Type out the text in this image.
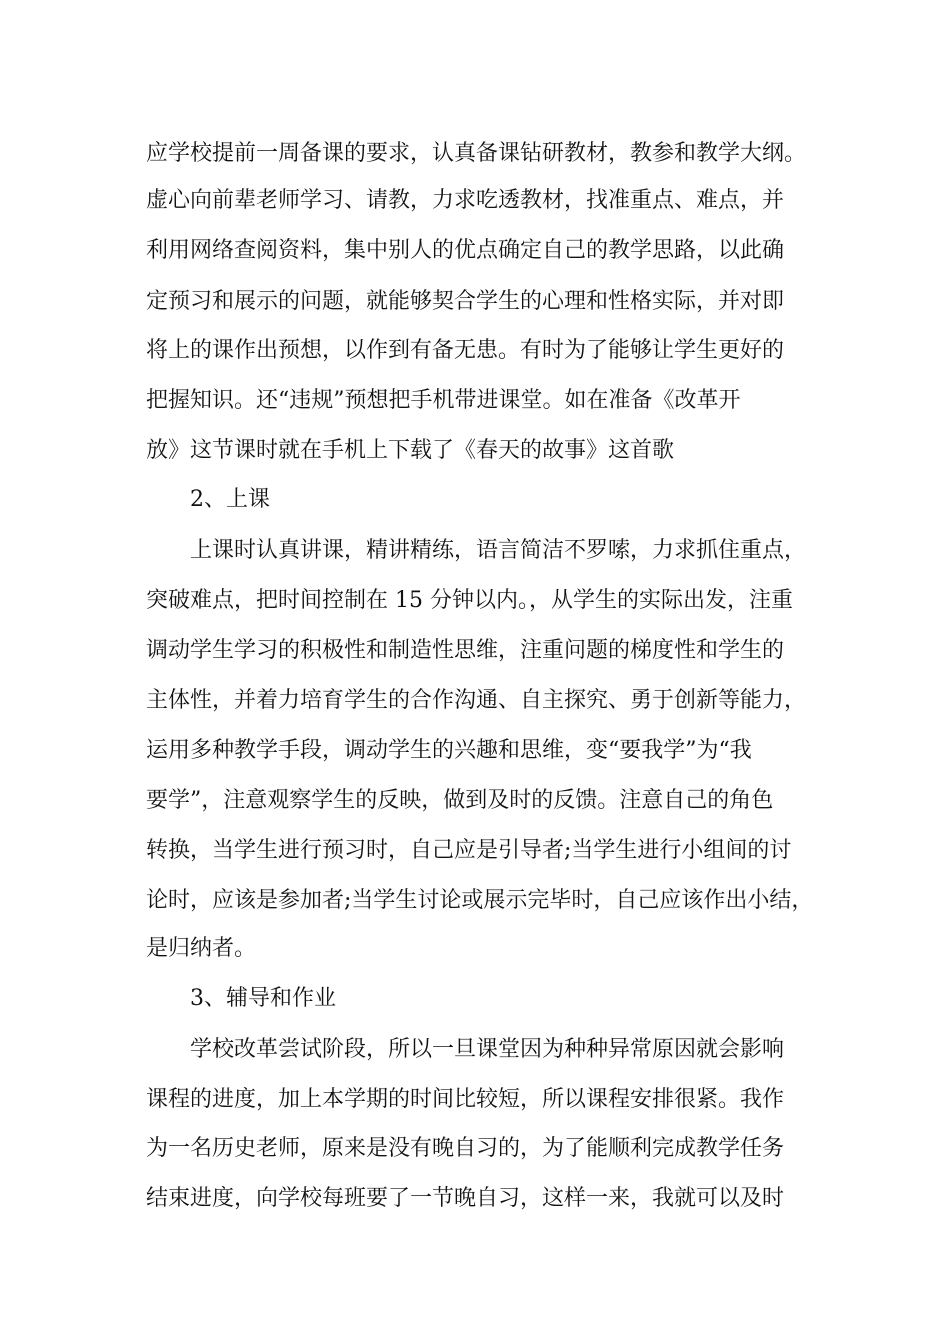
应学校提前一周备课的要求，认真备课钻研教材，教参和教学大纲。
虚心向前辈老师学习、请教，力求吃透教材，找准重点、难点，并
利用网络查阅资料，集中别人的优点确定自己的教学思路，以此确
定预习和展示的问题，就能够契合学生的心理和性格实际，并对即
将上的课作出预想，以作到有备无患。有时为了能够让学生更好的
把握知识。还“违规”预想把手机带进课堂。如在准备《改革开
放》这节课时就在手机上下载了《春天的故事》这首歌
2、上课
上课时认真讲课，精讲精练，语言简洁不罗嗦，力求抓住重点，
突破难点，把时间控制在 15 分钟以内。，从学生的实际出发，注重
调动学生学习的积极性和制造性思维，注重问题的梯度性和学生的
主体性，并着力培育学生的合作沟通、自主探究、勇于创新等能力，
运用多种教学手段，调动学生的兴趣和思维，变“要我学”为“我
要学”，注意观察学生的反映，做到及时的反馈。注意自己的角色
转换，当学生进行预习时，自己应是引导者;当学生进行小组间的讨
论时，应该是参加者;当学生讨论或展示完毕时，自己应该作出小结，
是归纳者。
3、辅导和作业
学校改革尝试阶段，所以一旦课堂因为种种异常原因就会影响
课程的进度，加上本学期的时间比较短，所以课程安排很紧。我作
为一名历史老师，原来是没有晚自习的，为了能顺利完成教学任务
结束进度，向学校每班要了一节晚自习，这样一来，我就可以及时
